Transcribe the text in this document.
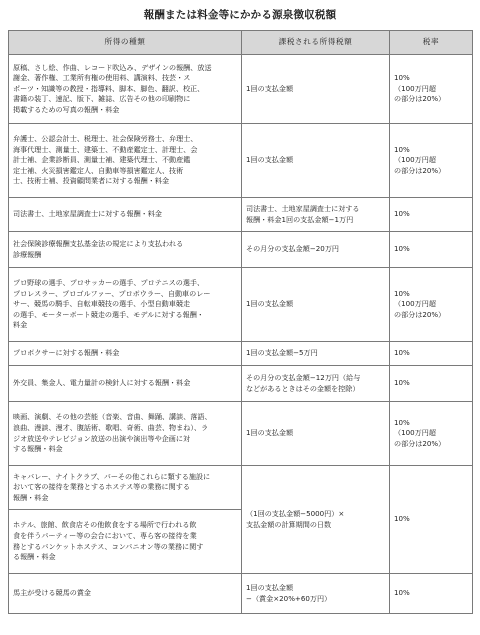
報酬または料金等にかかる源泉徴収税額
所得の種類	課税される所得税額	税率

原稿、さし絵、作曲、レコード吹込み、デザインの報酬、放送
謝金、著作権、工業所有権の使用料、講演料、技芸・ス
ポーツ・知識等の教授・指導料、脚本、脚色、翻訳、校正、
書籍の装丁、速記、版下、雑誌、広告その他の印刷物に
掲載するための写真の報酬・料金	1回の支払金額	10%
（100万円超
の部分は20%）

弁護士、公認会計士、税理士、社会保険労務士、弁理士、
海事代理士、測量士、建築士、不動産鑑定士、計理士、会
計士補、企業診断員、測量士補、建築代理士、不動産鑑
定士補、火災損害鑑定人、自動車等損害鑑定人、技術
士、技術士補、投資顧問業者に対する報酬・料金	1回の支払金額	10%
（100万円超
の部分は20%）

司法書士、土地家屋調査士に対する報酬・料金	司法書士、土地家屋調査士に対する
報酬・料金1回の支払金額−1万円	10%

社会保険診療報酬支払基金法の規定により支払われる
診療報酬	その月分の支払金額−20万円	10%

プロ野球の選手、プロサッカーの選手、プロテニスの選手、
プロレスラー、プロゴルファー、プロボウラー、自動車のレー
サー、競馬の騎手、自転車競技の選手、小型自動車競走
の選手、モーターボート競走の選手、モデルに対する報酬・
料金	1回の支払金額	10%
（100万円超
の部分は20%）

プロボクサーに対する報酬・料金	1回の支払金額−5万円	10%

外交員、集金人、電力量計の検針人に対する報酬・料金	その月分の支払金額−12万円（給与
などがあるときはその金額を控除）	10%

映画、演劇、その他の芸能（音楽、音曲、舞踊、講談、落語、
浪曲、漫談、漫才、腹話術、歌唱、奇術、曲芸、物まね）、ラ
ジオ放送やテレビジョン放送の出演や演出等や企画に対
する報酬・料金	1回の支払金額	10%
（100万円超
の部分は20%）

キャバレー、ナイトクラブ、バーその他これらに類する施設に
おいて客の接待を業務とするホステス等の業務に関する
報酬・料金	（1回の支払金額−5000円）×
支払金額の計算期間の日数	10%

ホテル、旅館、飲食店その他飲食をする場所で行われる飲
食を伴うパーティー等の会合において、専ら客の接待を業
務とするバンケットホステス、コンパニオン等の業務に関す
る報酬・料金		

馬主が受ける競馬の賞金	1回の支払金額
−（賞金×20%+60万円）	10%
